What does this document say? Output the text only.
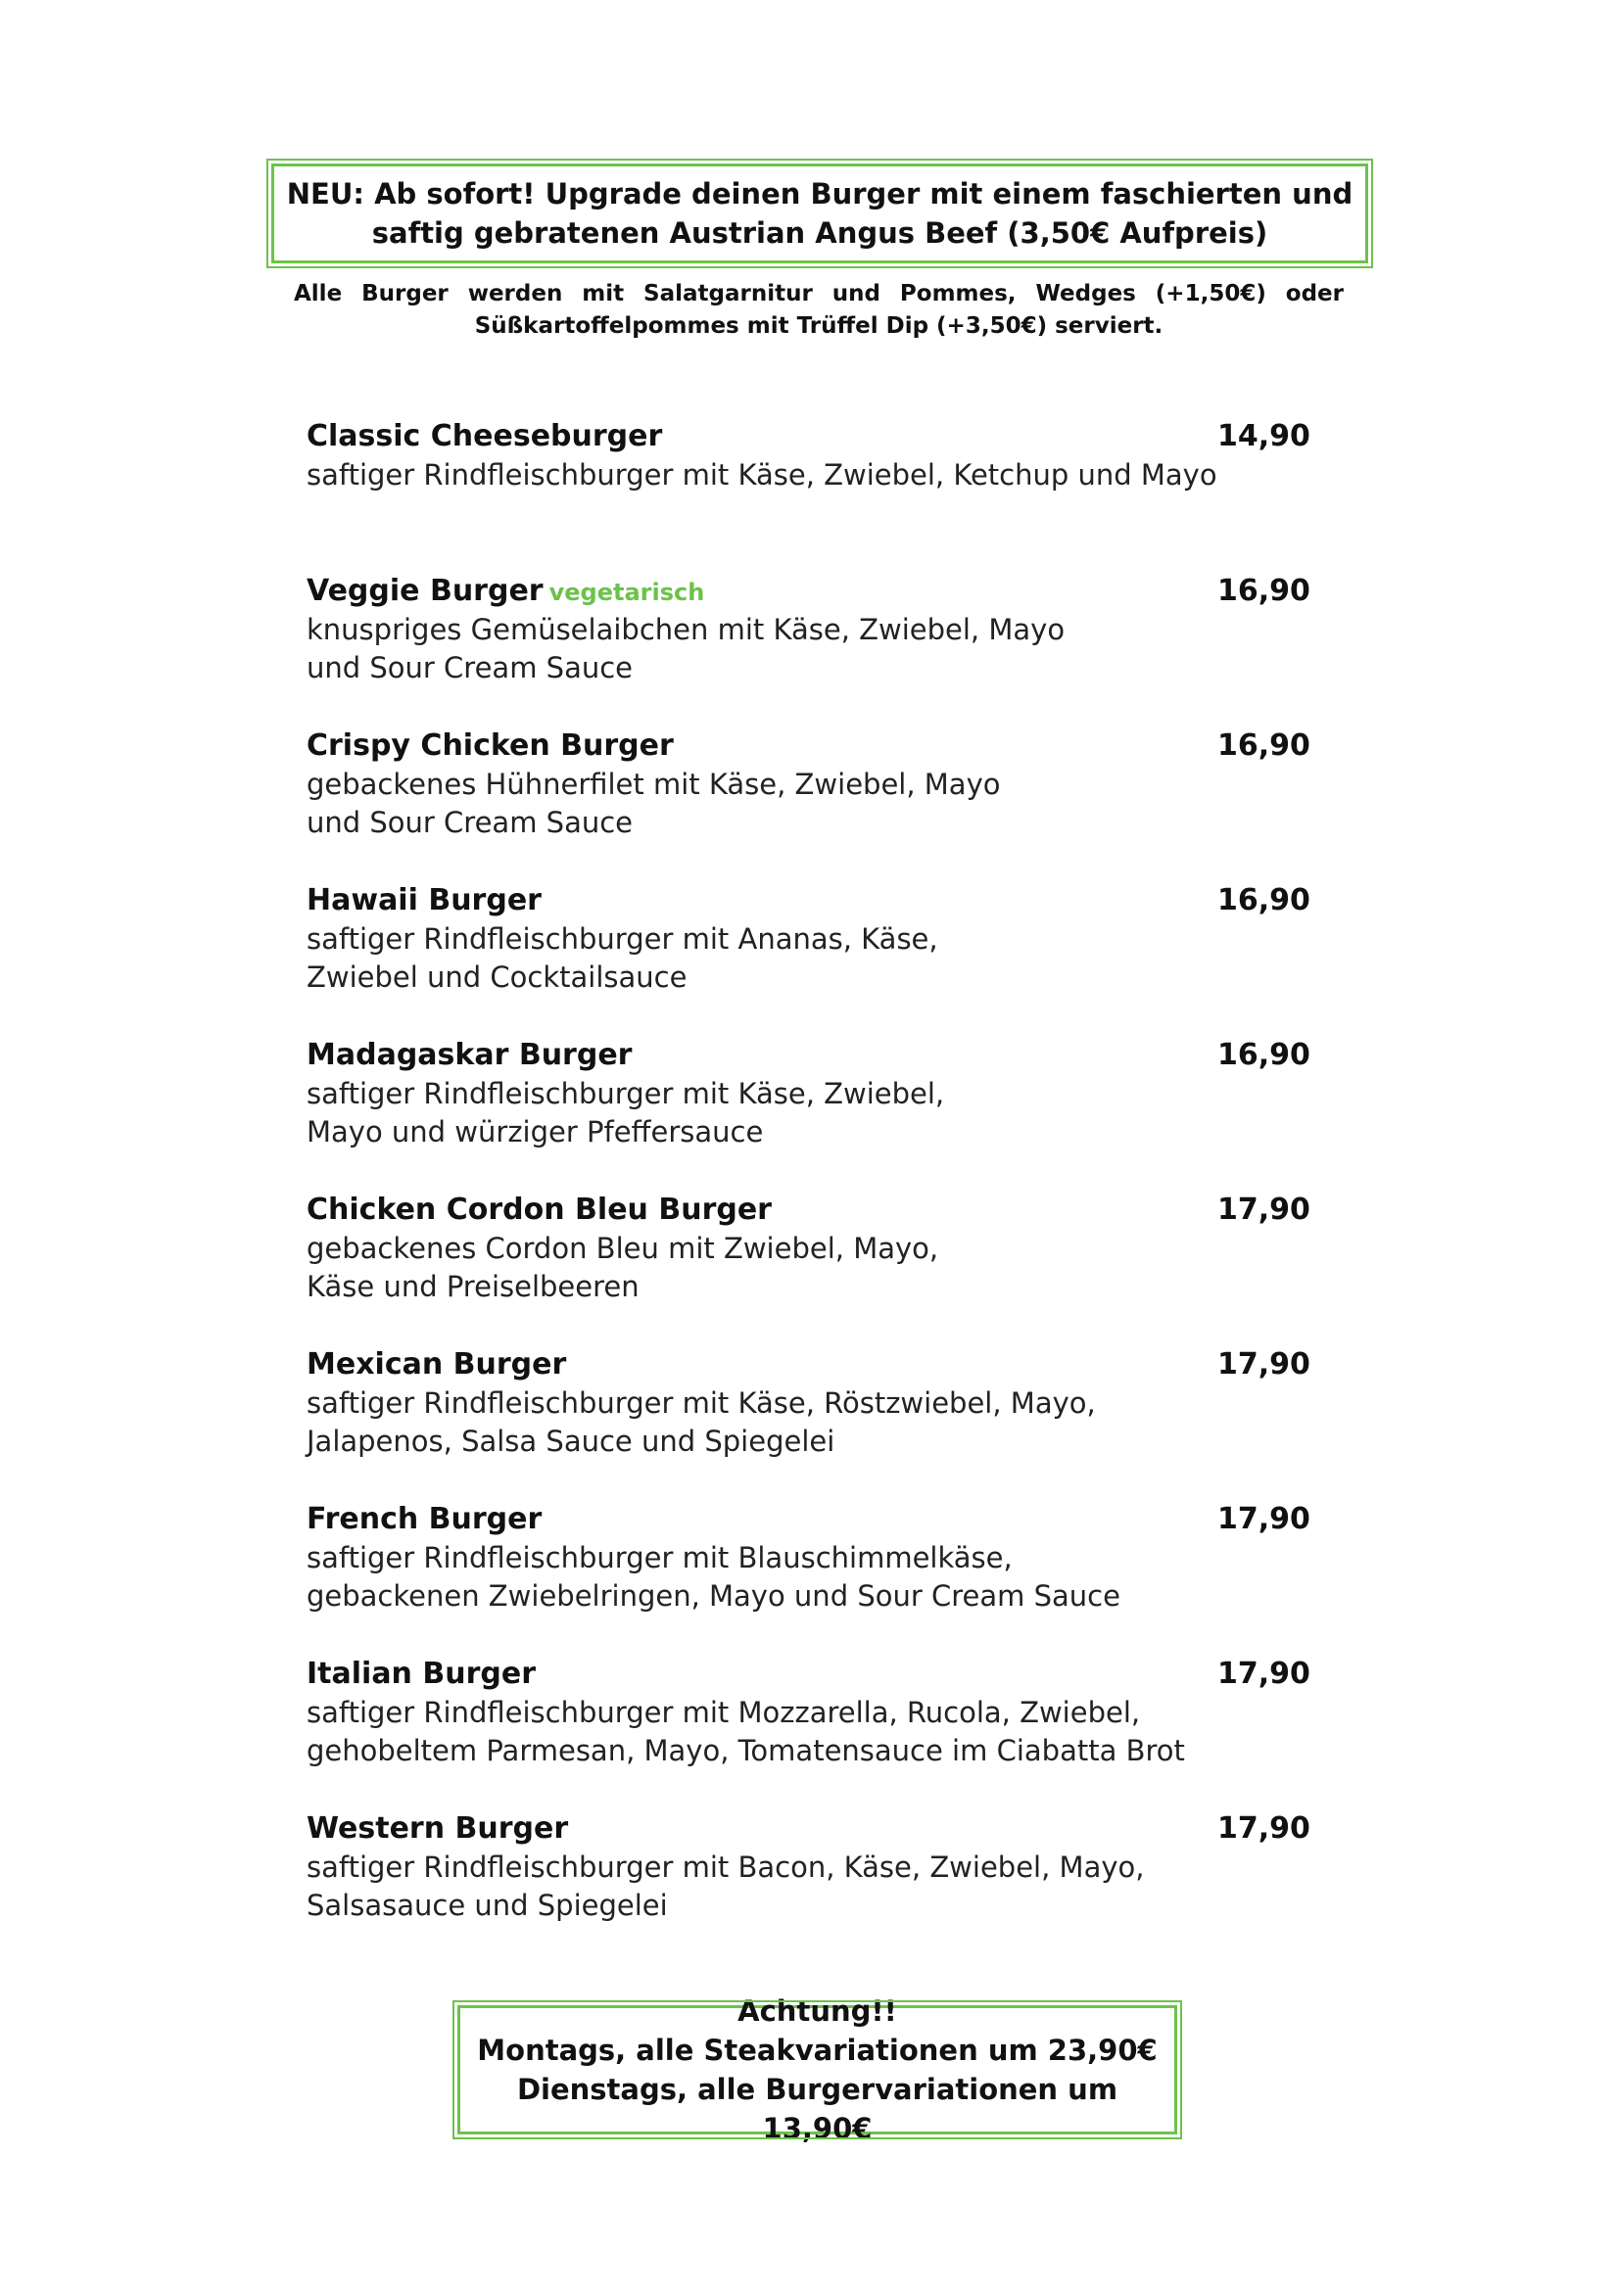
NEU: Ab sofort! Upgrade deinen Burger mit einem faschierten und
saftig gebratenen Austrian Angus Beef (3,50€ Aufpreis)
Alle Burger werden mit Salatgarnitur und Pommes, Wedges (+1,50€) oder
Süßkartoffelpommes mit Trüffel Dip (+3,50€) serviert.
Classic Cheeseburger	14,90
saftiger Rindfleischburger mit Käse, Zwiebel, Ketchup und Mayo
Veggie Burger vegetarisch	16,90
knuspriges Gemüselaibchen mit Käse, Zwiebel, Mayo
und Sour Cream Sauce
Crispy Chicken Burger	16,90
gebackenes Hühnerfilet mit Käse, Zwiebel, Mayo
und Sour Cream Sauce
Hawaii Burger	16,90
saftiger Rindfleischburger mit Ananas, Käse,
Zwiebel und Cocktailsauce
Madagaskar Burger	16,90
saftiger Rindfleischburger mit Käse, Zwiebel,
Mayo und würziger Pfeffersauce
Chicken Cordon Bleu Burger	17,90
gebackenes Cordon Bleu mit Zwiebel, Mayo,
Käse und Preiselbeeren
Mexican Burger	17,90
saftiger Rindfleischburger mit Käse, Röstzwiebel, Mayo,
Jalapenos, Salsa Sauce und Spiegelei
French Burger	17,90
saftiger Rindfleischburger mit Blauschimmelkäse,
gebackenen Zwiebelringen, Mayo und Sour Cream Sauce
Italian Burger	17,90
saftiger Rindfleischburger mit Mozzarella, Rucola, Zwiebel,
gehobeltem Parmesan, Mayo, Tomatensauce im Ciabatta Brot
Western Burger	17,90
saftiger Rindfleischburger mit Bacon, Käse, Zwiebel, Mayo,
Salsasauce und Spiegelei
Achtung!!
Montags, alle Steakvariationen um 23,90€
Dienstags, alle Burgervariationen um 13,90€
